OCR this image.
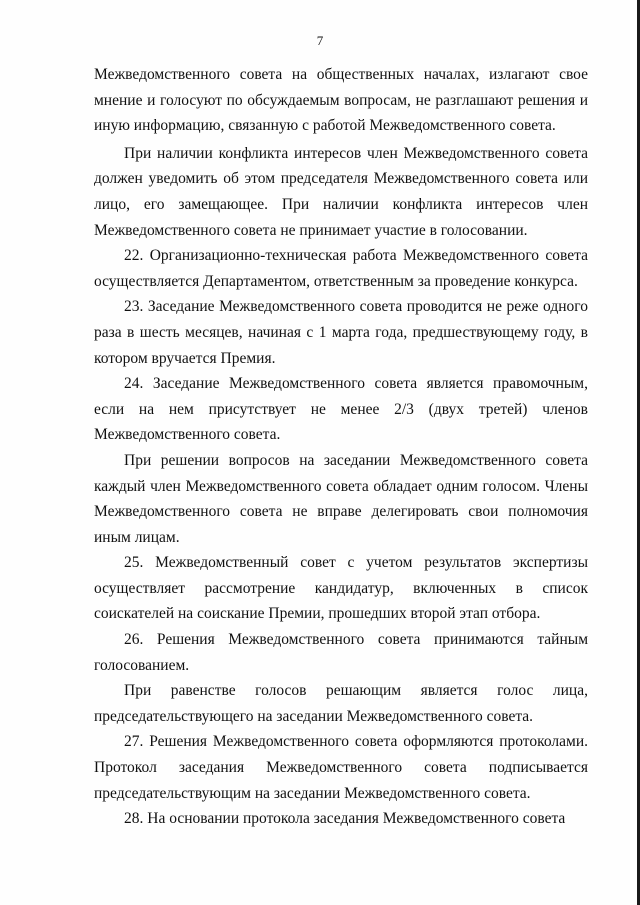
7

Межведомственного совета на общественных началах, излагают свое мнение и голосуют по обсуждаемым вопросам, не разглашают решения и иную информацию, связанную с работой Межведомственного совета.

При наличии конфликта интересов член Межведомственного совета должен уведомить об этом председателя Межведомственного совета или лицо, его замещающее. При наличии конфликта интересов член Межведомственного совета не принимает участие в голосовании.

22. Организационно-техническая работа Межведомственного совета осуществляется Департаментом, ответственным за проведение конкурса.

23. Заседание Межведомственного совета проводится не реже одного раза в шесть месяцев, начиная с 1 марта года, предшествующему году, в котором вручается Премия.

24. Заседание Межведомственного совета является правомочным, если на нем присутствует не менее 2/3 (двух третей) членов Межведомственного совета.

При решении вопросов на заседании Межведомственного совета каждый член Межведомственного совета обладает одним голосом. Члены Межведомственного совета не вправе делегировать свои полномочия иным лицам.

25. Межведомственный совет с учетом результатов экспертизы осуществляет рассмотрение кандидатур, включенных в список соискателей на соискание Премии, прошедших второй этап отбора.

26. Решения Межведомственного совета принимаются тайным голосованием.

При равенстве голосов решающим является голос лица, председательствующего на заседании Межведомственного совета.

27. Решения Межведомственного совета оформляются протоколами. Протокол заседания Межведомственного совета подписывается председательствующим на заседании Межведомственного совета.

28. На основании протокола заседания Межведомственного совета
